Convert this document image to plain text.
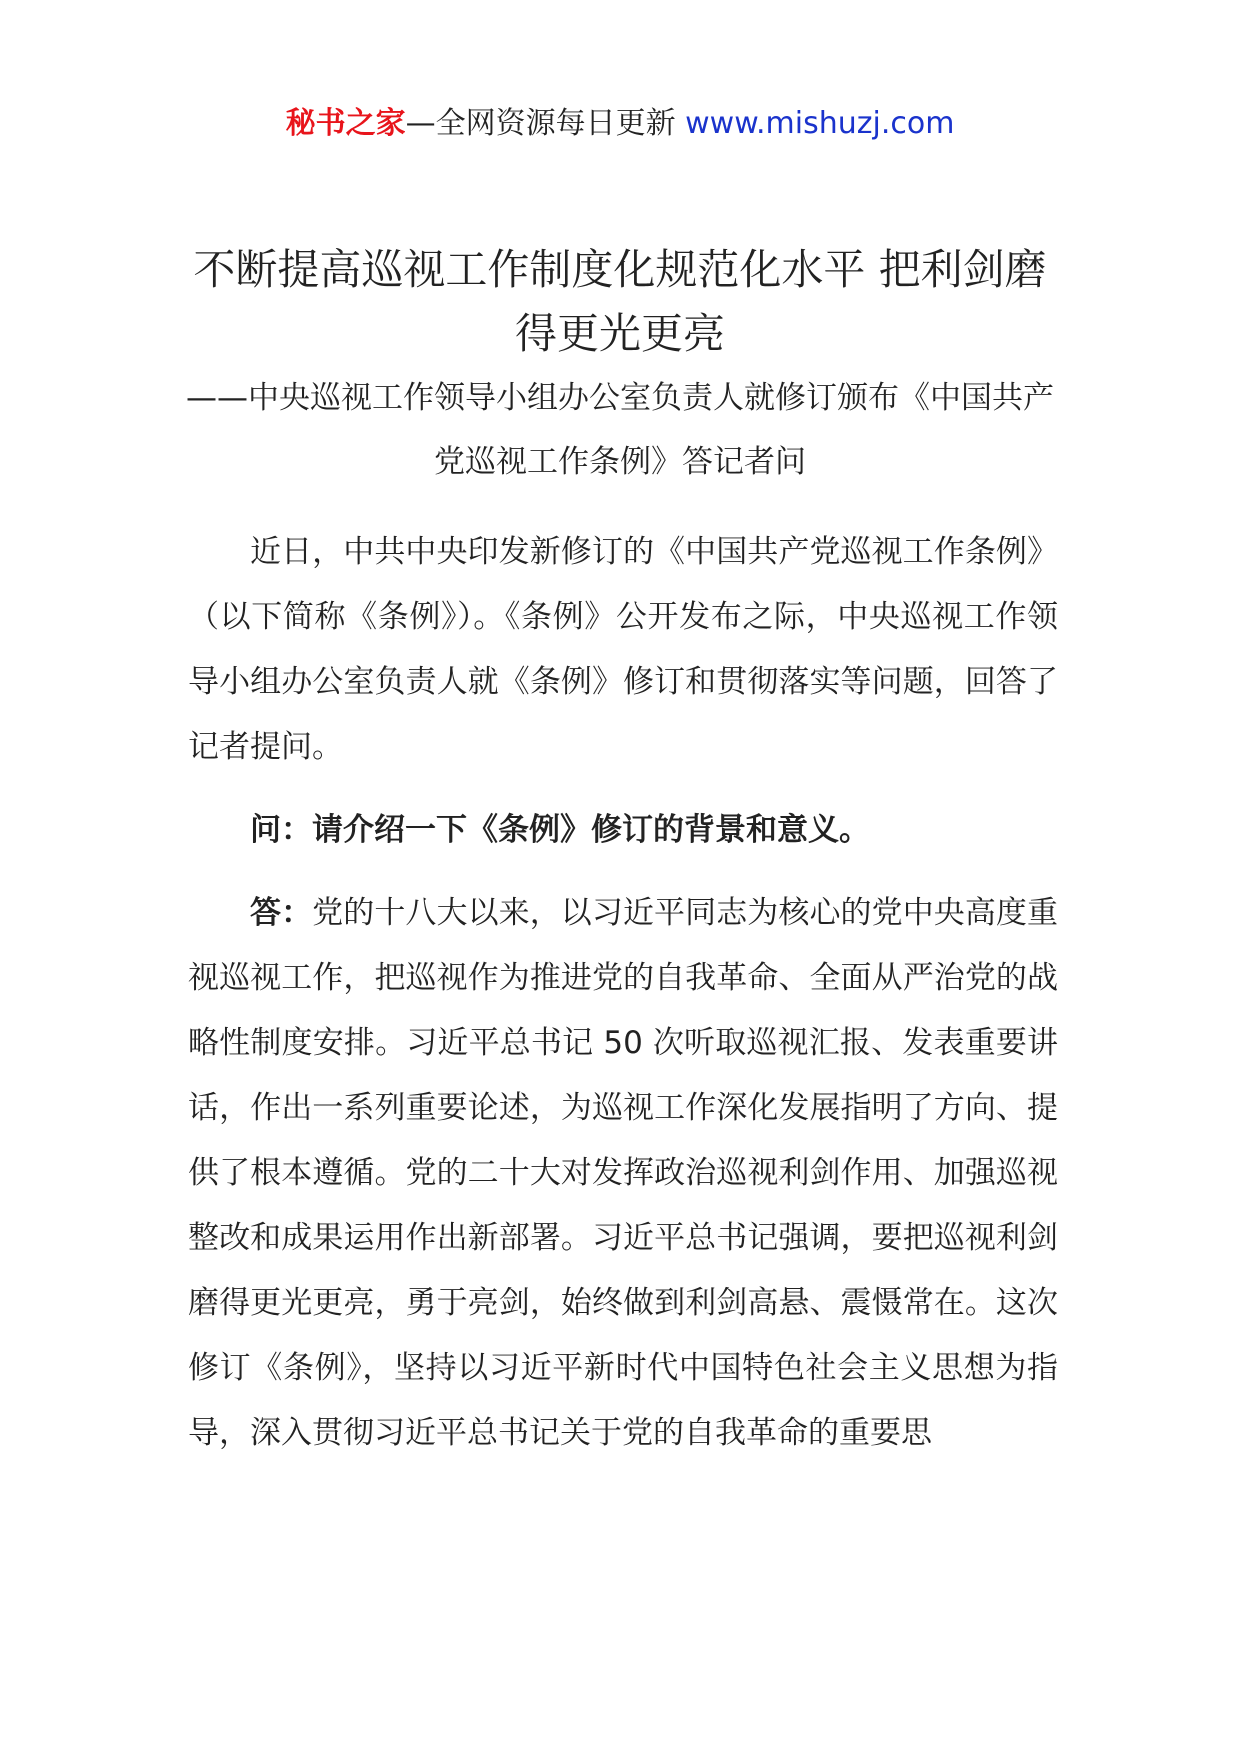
秘书之家—全网资源每日更新 www.mishuzj.com
不断提高巡视工作制度化规范化水平 把利剑磨得更光更亮

——中央巡视工作领导小组办公室负责人就修订颁布《中国共产党巡视工作条例》答记者问

近日，中共中央印发新修订的《中国共产党巡视工作条例》（以下简称《条例》）。《条例》公开发布之际，中央巡视工作领导小组办公室负责人就《条例》修订和贯彻落实等问题，回答了记者提问。

问：请介绍一下《条例》修订的背景和意义。

答：党的十八大以来，以习近平同志为核心的党中央高度重视巡视工作，把巡视作为推进党的自我革命、全面从严治党的战略性制度安排。习近平总书记 50 次听取巡视汇报、发表重要讲话，作出一系列重要论述，为巡视工作深化发展指明了方向、提供了根本遵循。党的二十大对发挥政治巡视利剑作用、加强巡视整改和成果运用作出新部署。习近平总书记强调，要把巡视利剑磨得更光更亮，勇于亮剑，始终做到利剑高悬、震慑常在。这次修订《条例》，坚持以习近平新时代中国特色社会主义思想为指导，深入贯彻习近平总书记关于党的自我革命的重要思
